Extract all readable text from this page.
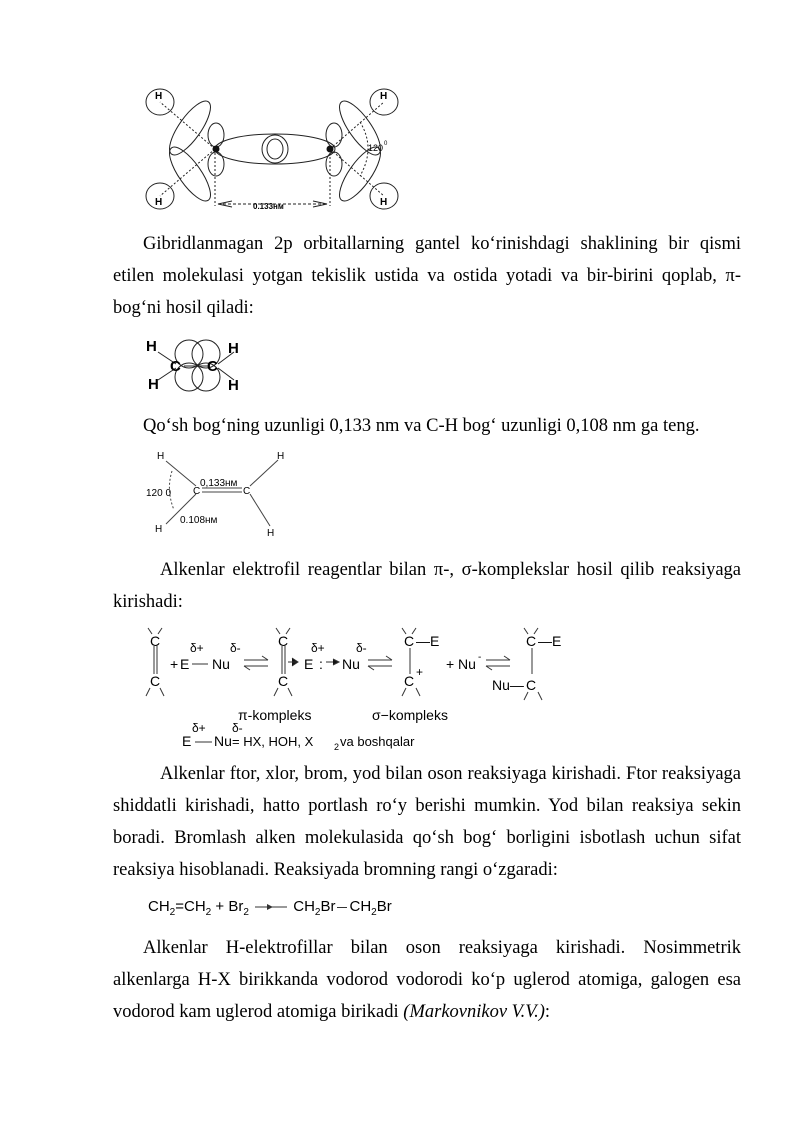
H	H
H	H
120 0
0.133нм

Gibridlanmagan 2p orbitallarning gantel ko‘rinishdagi shaklining bir qismi etilen molekulasi yotgan tekislik ustida va ostida yotadi va bir-birini qoplab, π-bog‘ni hosil qiladi:

H	H
H	H
C C

Qo‘sh bog‘ning uzunligi 0,133 nm va C-H bog‘ uzunligi 0,108 nm ga teng.

H	H
H	H
C	C
0,133нм
0.108нм
120 0

Alkenlar elektrofil reagentlar bilan π-, σ-komplekslar hosil qilib reaksiyaga kirishadi:

C
C
+ E Nu
δ+ δ-	C
C
E : Nu
δ+	δ-
π-kompleks
C —E
C
+ + Nu -
σ−kompleks
C —E
Nu— C
E Nu
δ+ δ-
= HX, HOH, X 2 va boshqalar

Alkenlar ftor, xlor, brom, yod bilan oson reaksiyaga kirishadi. Ftor reaksiyaga shiddatli kirishadi, hatto portlash ro‘y berishi mumkin. Yod bilan reaksiya sekin boradi. Bromlash alken molekulasida qo‘sh bog‘ borligini isbotlash uchun sifat reaksiya hisoblanadi. Reaksiyada bromning rangi o‘zgaradi:

$CH_2=CH_2 + Br_2$	$CH_2Br$ $CH_2Br$

Alkenlar H-elektrofillar bilan oson reaksiyaga kirishadi. Nosimmetrik alkenlarga H-X birikkanda vodorod vodorodi ko‘p uglerod atomiga, galogen esa vodorod kam uglerod atomiga birikadi (Markovnikov V.V.):
